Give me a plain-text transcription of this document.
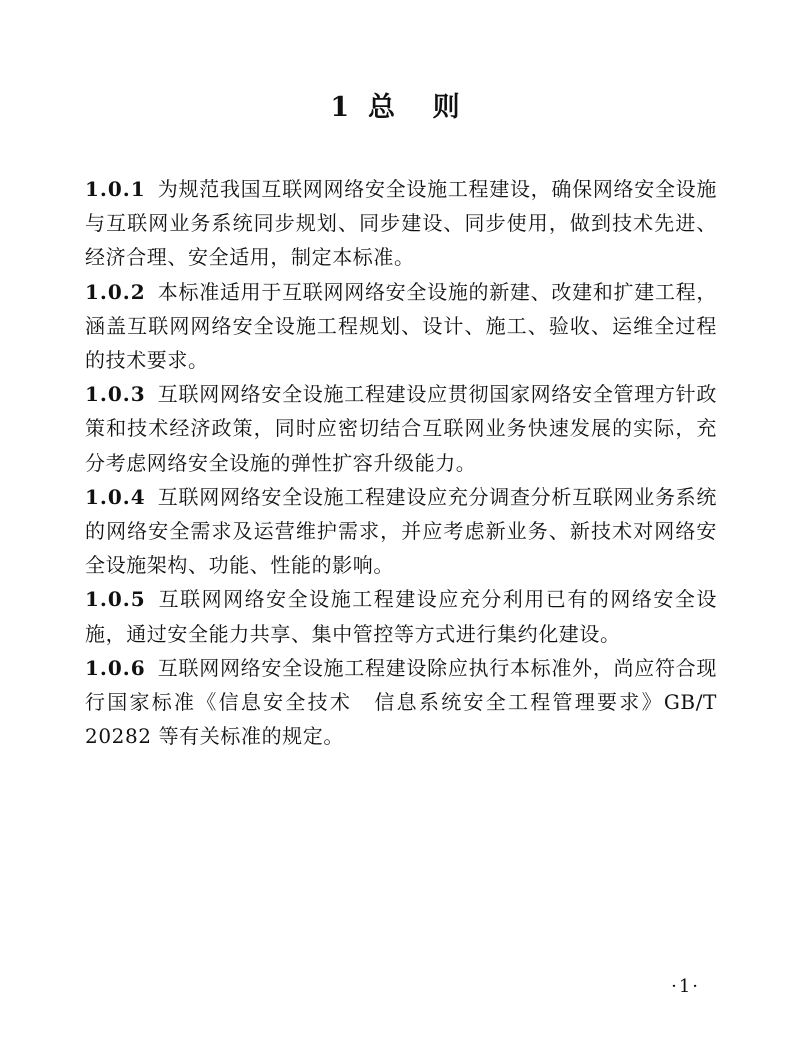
1  总    则

1.0.1 为规范我国互联网网络安全设施工程建设，确保网络安全设施与互联网业务系统同步规划、同步建设、同步使用，做到技术先进、经济合理、安全适用，制定本标准。

1.0.2 本标准适用于互联网网络安全设施的新建、改建和扩建工程，涵盖互联网网络安全设施工程规划、设计、施工、验收、运维全过程的技术要求。

1.0.3 互联网网络安全设施工程建设应贯彻国家网络安全管理方针政策和技术经济政策，同时应密切结合互联网业务快速发展的实际，充分考虑网络安全设施的弹性扩容升级能力。

1.0.4 互联网网络安全设施工程建设应充分调查分析互联网业务系统的网络安全需求及运营维护需求，并应考虑新业务、新技术对网络安全设施架构、功能、性能的影响。

1.0.5 互联网网络安全设施工程建设应充分利用已有的网络安全设施，通过安全能力共享、集中管控等方式进行集约化建设。

1.0.6 互联网网络安全设施工程建设除应执行本标准外，尚应符合现行国家标准《信息安全技术　信息系统安全工程管理要求》GB/T 20282 等有关标准的规定。

·1·
